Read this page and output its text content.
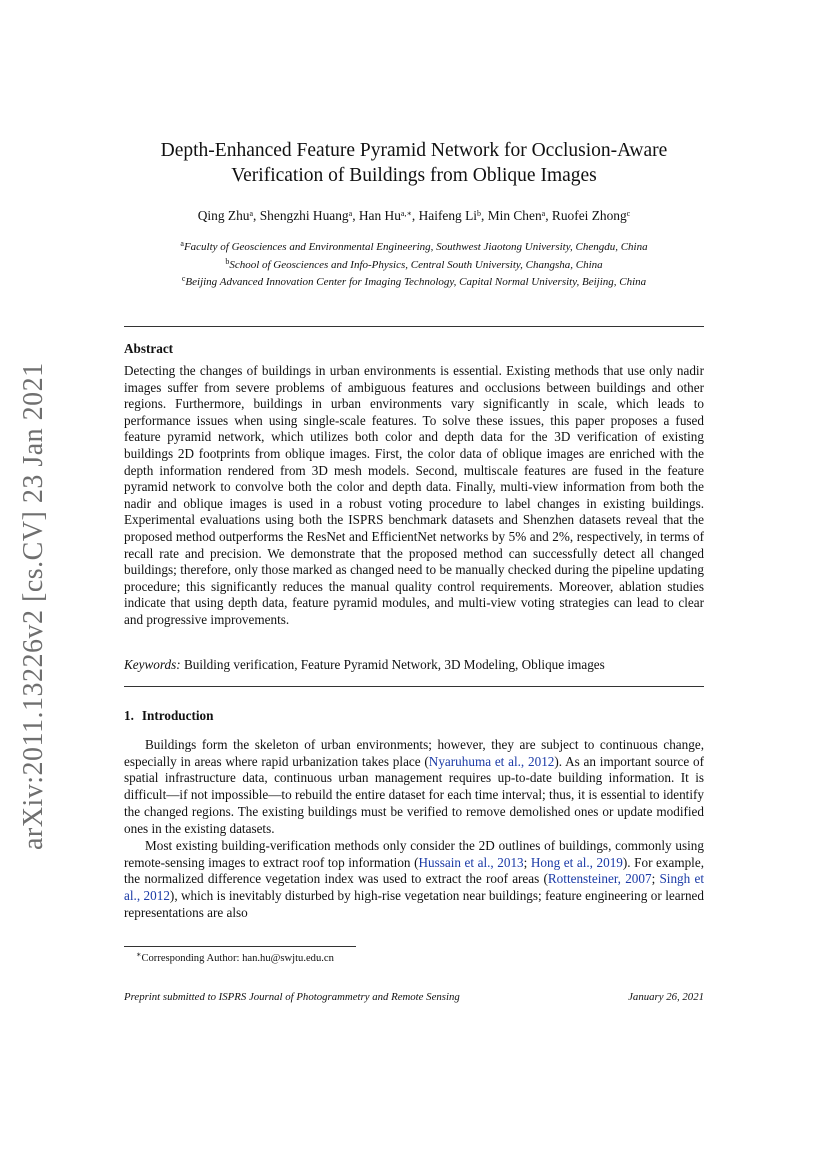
arXiv:2011.13226v2 [cs.CV] 23 Jan 2021
Depth-Enhanced Feature Pyramid Network for Occlusion-Aware
Verification of Buildings from Oblique Images
Qing Zhu$^a$, Shengzhi Huang$^a$, Han $Hu^{a,∗}$, Haifeng Li$^b$, Min Chen$^a$, Ruofei Zhong$^c$
$^a$Faculty of Geosciences and Environmental Engineering, Southwest Jiaotong University, Chengdu, China
$^b$School of Geosciences and Info-Physics, Central South University, Changsha, China
$^c$Beijing Advanced Innovation Center for Imaging Technology, Capital Normal University, Beijing, China
Abstract

Detecting the changes of buildings in urban environments is essential. Existing methods that use only nadir images suffer from severe problems of ambiguous features and occlusions between buildings and other regions. Furthermore, buildings in urban environments vary significantly in scale, which leads to performance issues when using single-scale features. To solve these issues, this paper proposes a fused feature pyramid network, which utilizes both color and depth data for the 3D verification of existing buildings 2D footprints from oblique images. First, the color data of oblique images are enriched with the depth information rendered from 3D mesh models. Second, multiscale features are fused in the feature pyramid network to convolve both the color and depth data. Finally, multi-view information from both the nadir and oblique images is used in a robust voting procedure to label changes in existing buildings. Experimental evaluations using both the ISPRS benchmark datasets and Shenzhen datasets reveal that the proposed method outperforms the ResNet and EfficientNet networks by 5% and 2%, respectively, in terms of recall rate and precision. We demonstrate that the proposed method can successfully detect all changed buildings; therefore, only those marked as changed need to be manually checked during the pipeline updating procedure; this significantly reduces the manual quality control requirements. Moreover, ablation studies indicate that using depth data, feature pyramid modules, and multi-view voting strategies can lead to clear and progressive improvements.

Keywords: Building verification, Feature Pyramid Network, 3D Modeling, Oblique images
1. Introduction

Buildings form the skeleton of urban environments; however, they are subject to continuous change, especially in areas where rapid urbanization takes place (Nyaruhuma et al., 2012). As an important source of spatial infrastructure data, continuous urban management requires up-to-date building information. It is difficult—if not impossible—to rebuild the entire dataset for each time interval; thus, it is essential to identify the changed regions. The existing buildings must be verified to remove demolished ones or update modified ones in the existing datasets.

Most existing building-verification methods only consider the 2D outlines of buildings, commonly using remote-sensing images to extract roof top information (Hussain et al., 2013; Hong et al., 2019). For example, the normalized difference vegetation index was used to extract the roof areas (Rottensteiner, 2007; Singh et al., 2012), which is inevitably disturbed by high-rise vegetation near buildings; feature engineering or learned representations are also

∗Corresponding Author: han.hu@swjtu.edu.cn
Preprint submitted to ISPRS Journal of Photogrammetry and Remote Sensing	January 26, 2021
